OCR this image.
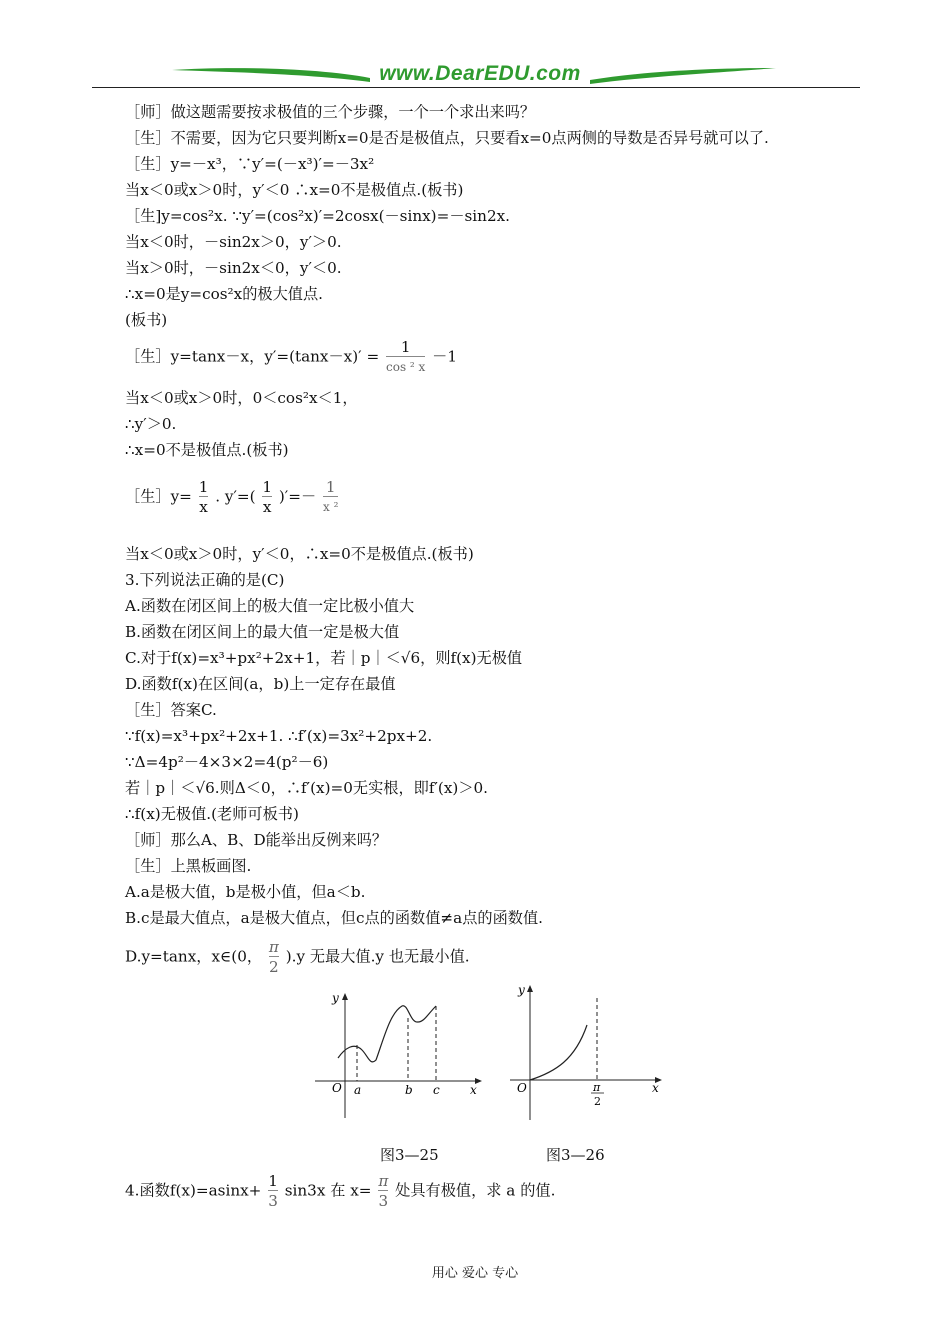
www.DearEDU.com
［师］做这题需要按求极值的三个步骤，一个一个求出来吗？
［生］不需要，因为它只要判断x=0是否是极值点，只要看x=0点两侧的导数是否异号就可以了.
［生］y=－x³，∵y′=(－x³)′=－3x²
当x＜0或x＞0时，y′＜0 ∴x=0不是极值点.(板书)
［生]y=cos²x. ∵y′=(cos²x)′=2cosx(－sinx)=－sin2x.
当x＜0时，－sin2x＞0，y′＞0.
当x＞0时，－sin2x＜0，y′＜0.
∴x=0是y=cos²x的极大值点.
(板书)
［生］y=tanx－x，$y'=(\tan x-x)' = \frac{1}{\text{cos ² x}} -1$
当x＜0或x＞0时，0＜cos²x＜1，
∴y′＞0.
∴x=0不是极值点.(板书)
［生］y= $\frac{1}{x}$ . $y'=( \frac{1}{x}$ )′=－ $\frac{1}{\text{x ²}}$
当x＜0或x＞0时，y′＜0，∴x=0不是极值点.(板书)
3.下列说法正确的是(C)
A.函数在闭区间上的极大值一定比极小值大
B.函数在闭区间上的最大值一定是极大值
C.对于f(x)=x³+px²+2x+1，若｜p｜＜√6，则f(x)无极值
D.函数f(x)在区间(a，b)上一定存在最值
［生］答案C.
∵f(x)=x³+px²+2x+1. ∴f′(x)=3x²+2px+2.
∵Δ=4p²－4×3×2=4(p²－6)
若｜p｜＜√6.则Δ＜0，∴f′(x)=0无实根，即f′(x)＞0.
∴f(x)无极值.(老师可板书)
［师］那么A、B、D能举出反例来吗？
［生］上黑板画图.
A.a是极大值，b是极小值，但a＜b.
B.c是最大值点，a是极大值点，但c点的函数值≠a点的函数值.
D.y=tanx，x∈(0， $\frac{\pi}{2} ).y$ 无最大值.y 也无最小值.
O a	b c	x
y
O	π
2
x
y
图3—25	图3—26
4.函数$f(x)=asinx+ \frac{1}{3} \sin 3x$ 在 $x= \frac{\pi}{3}$ 处具有极值，求 a 的值.
用心 爱心 专心
